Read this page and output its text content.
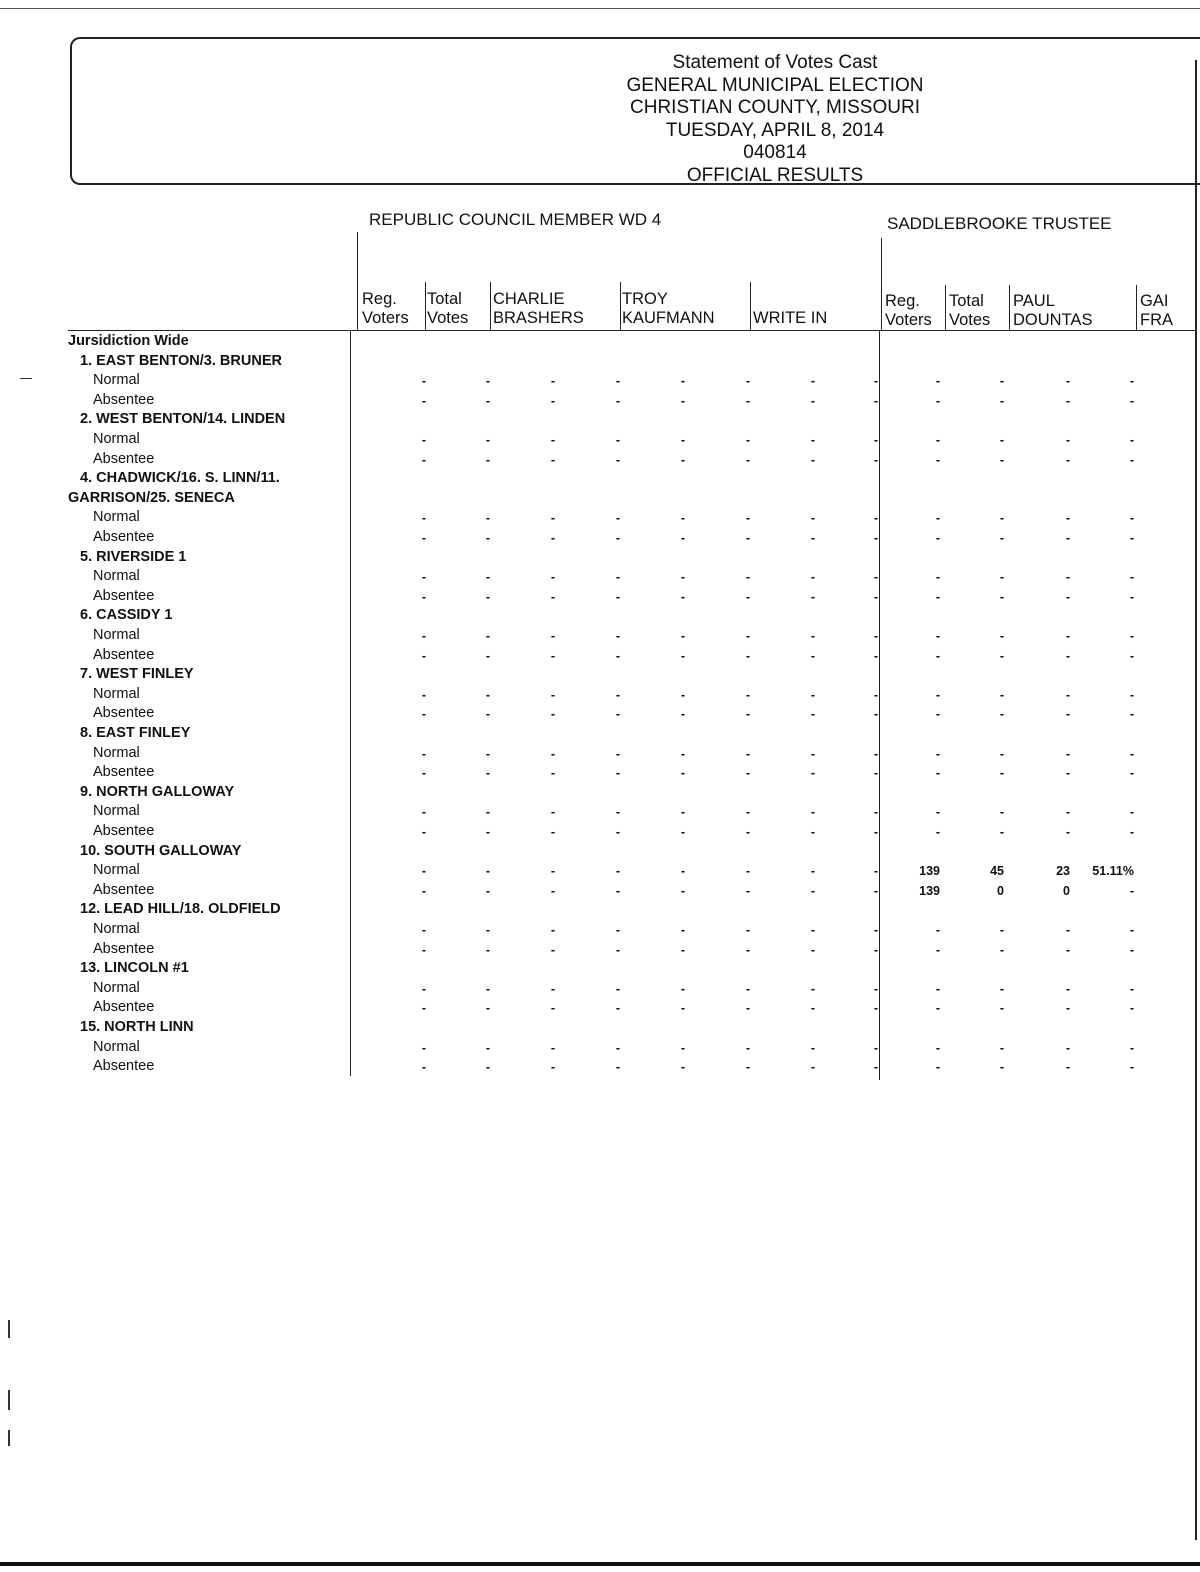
Statement of Votes Cast
GENERAL MUNICIPAL ELECTION
CHRISTIAN COUNTY, MISSOURI
TUESDAY, APRIL 8, 2014
040814
OFFICIAL RESULTS
REPUBLIC COUNCIL MEMBER WD 4	SADDLEBROOKE TRUSTEE
Reg.
Voters
Total
Votes
CHARLIE
BRASHERS
TROY
KAUFMANN
WRITE IN
Reg.
Voters
Total
Votes
PAUL
DOUNTAS
GAI
FRA
Jursidiction Wide
1. EAST BENTON/3. BRUNER
Normal	-	-	-	-	-	-	-	-	-	-	-	-
Absentee	-	-	-	-	-	-	-	-	-	-	-	-
2. WEST BENTON/14. LINDEN
Normal	-	-	-	-	-	-	-	-	-	-	-	-
Absentee	-	-	-	-	-	-	-	-	-	-	-	-
4. CHADWICK/16. S. LINN/11.
GARRISON/25. SENECA
Normal	-	-	-	-	-	-	-	-	-	-	-	-
Absentee	-	-	-	-	-	-	-	-	-	-	-	-
5. RIVERSIDE 1
Normal	-	-	-	-	-	-	-	-	-	-	-	-
Absentee	-	-	-	-	-	-	-	-	-	-	-	-
6. CASSIDY 1
Normal	-	-	-	-	-	-	-	-	-	-	-	-
Absentee	-	-	-	-	-	-	-	-	-	-	-	-
7. WEST FINLEY
Normal	-	-	-	-	-	-	-	-	-	-	-	-
Absentee	-	-	-	-	-	-	-	-	-	-	-	-
8. EAST FINLEY
Normal	-	-	-	-	-	-	-	-	-	-	-	-
Absentee	-	-	-	-	-	-	-	-	-	-	-	-
9. NORTH GALLOWAY
Normal	-	-	-	-	-	-	-	-	-	-	-	-
Absentee	-	-	-	-	-	-	-	-	-	-	-	-
10. SOUTH GALLOWAY
Normal	-	-	-	-	-	-	-	-	139	45	23	51.11%
Absentee	-	-	-	-	-	-	-	-	139	0	0	-
12. LEAD HILL/18. OLDFIELD
Normal	-	-	-	-	-	-	-	-	-	-	-	-
Absentee	-	-	-	-	-	-	-	-	-	-	-	-
13. LINCOLN #1
Normal	-	-	-	-	-	-	-	-	-	-	-	-
Absentee	-	-	-	-	-	-	-	-	-	-	-	-
15. NORTH LINN
Normal	-	-	-	-	-	-	-	-	-	-	-	-
Absentee	-	-	-	-	-	-	-	-	-	-	-	-
